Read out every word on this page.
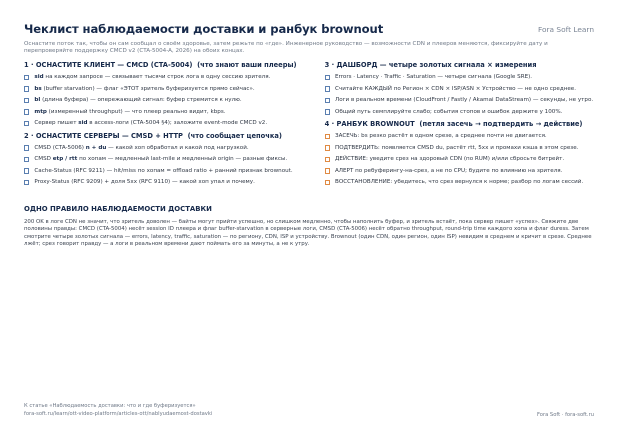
Чеклист наблюдаемости доставки и ранбук brownout	Fora Soft Learn
Оснастите поток так, чтобы он сам сообщал о своём здоровье, затем режьте по «где». Инженерное руководство — возможности CDN и плееров меняются, фиксируйте дату и перепроверяйте поддержку CMCD v2 (CTA-5004-A, 2026) на обоих концах.
1 · ОСНАСТИТЕ КЛИЕНТ — CMCD (CTA-5004) (что знают ваши плееры)
sid на каждом запросе — связывает тысячи строк лога в одну сессию зрителя.
bs (buffer starvation) — флаг «ЭТОТ зритель буферизуется прямо сейчас».
bl (длина буфера) — опережающий сигнал: буфер стремится к нулю.
mtp (измеренный throughput) — что плеер реально видит, kbps.
Сервер пишет sid в access-логи (CTA-5004 §4); заложите event-mode CMCD v2.
2 · ОСНАСТИТЕ СЕРВЕРЫ — CMSD + HTTP (что сообщает цепочка)
CMSD (CTA-5006) n + du — какой хоп обработал и какой под нагрузкой.
CMSD etp / rtt по хопам — медленный last-mile и медленный origin — разные фиксы.
Cache-Status (RFC 9211) — hit/miss по хопам = offload ratio + ранний признак brownout.
Proxy-Status (RFC 9209) + доля 5xx (RFC 9110) — какой хоп упал и почему.
3 · ДАШБОРД — четыре золотых сигнала × измерения
Errors · Latency · Traffic · Saturation — четыре сигнала (Google SRE).
Считайте КАЖДЫЙ по Регион × CDN × ISP/ASN × Устройство — не одно среднее.
Логи в реальном времени (CloudFront / Fastly / Akamai DataStream) — секунды, не утро.
Общий путь семплируйте слабо; события стопов и ошибок держите у 100%.
4 · РАНБУК BROWNOUT (петля засечь → подтвердить → действие)
ЗАСЕЧЬ: bs резко растёт в одном срезе, а среднее почти не двигается.
ПОДТВЕРДИТЬ: появляется CMSD du, растёт rtt, 5xx и промахи кэша в этом срезе.
ДЕЙСТВИЕ: уведите срез на здоровый CDN (по RUM) и/или сбросьте битрейт.
АЛЕРТ по ребуферингу-на-срез, а не по CPU; будите по влиянию на зрителя.
ВОССТАНОВЛЕНИЕ: убедитесь, что срез вернулся к норме; разбор по логам сессий.
ОДНО ПРАВИЛО НАБЛЮДАЕМОСТИ ДОСТАВКИ
200 OK в логе CDN не значит, что зритель доволен — байты могут прийти успешно, но слишком медленно, чтобы наполнить буфер, и зритель встаёт, пока сервер пишет «успех». Свяжите две половины правды: CMCD (CTA-5004) несёт session ID плеера и флаг buffer-starvation в серверные логи, CMSD (CTA-5006) несёт обратно throughput, round-trip time каждого хопа и флаг duress. Затем смотрите четыре золотых сигнала — errors, latency, traffic, saturation — по региону, CDN, ISP и устройству. Brownout (один CDN, один регион, один ISP) невидим в среднем и кричит в срезе. Среднее лжёт; срез говорит правду — а логи в реальном времени дают поймать его за минуты, а не к утру.
К статье «Наблюдаемость доставки: что и где буферизуется»
fora-soft.ru/learn/ott-video-platform/articles-ott/nablyudaemost-dostavki	Fora Soft · fora-soft.ru
